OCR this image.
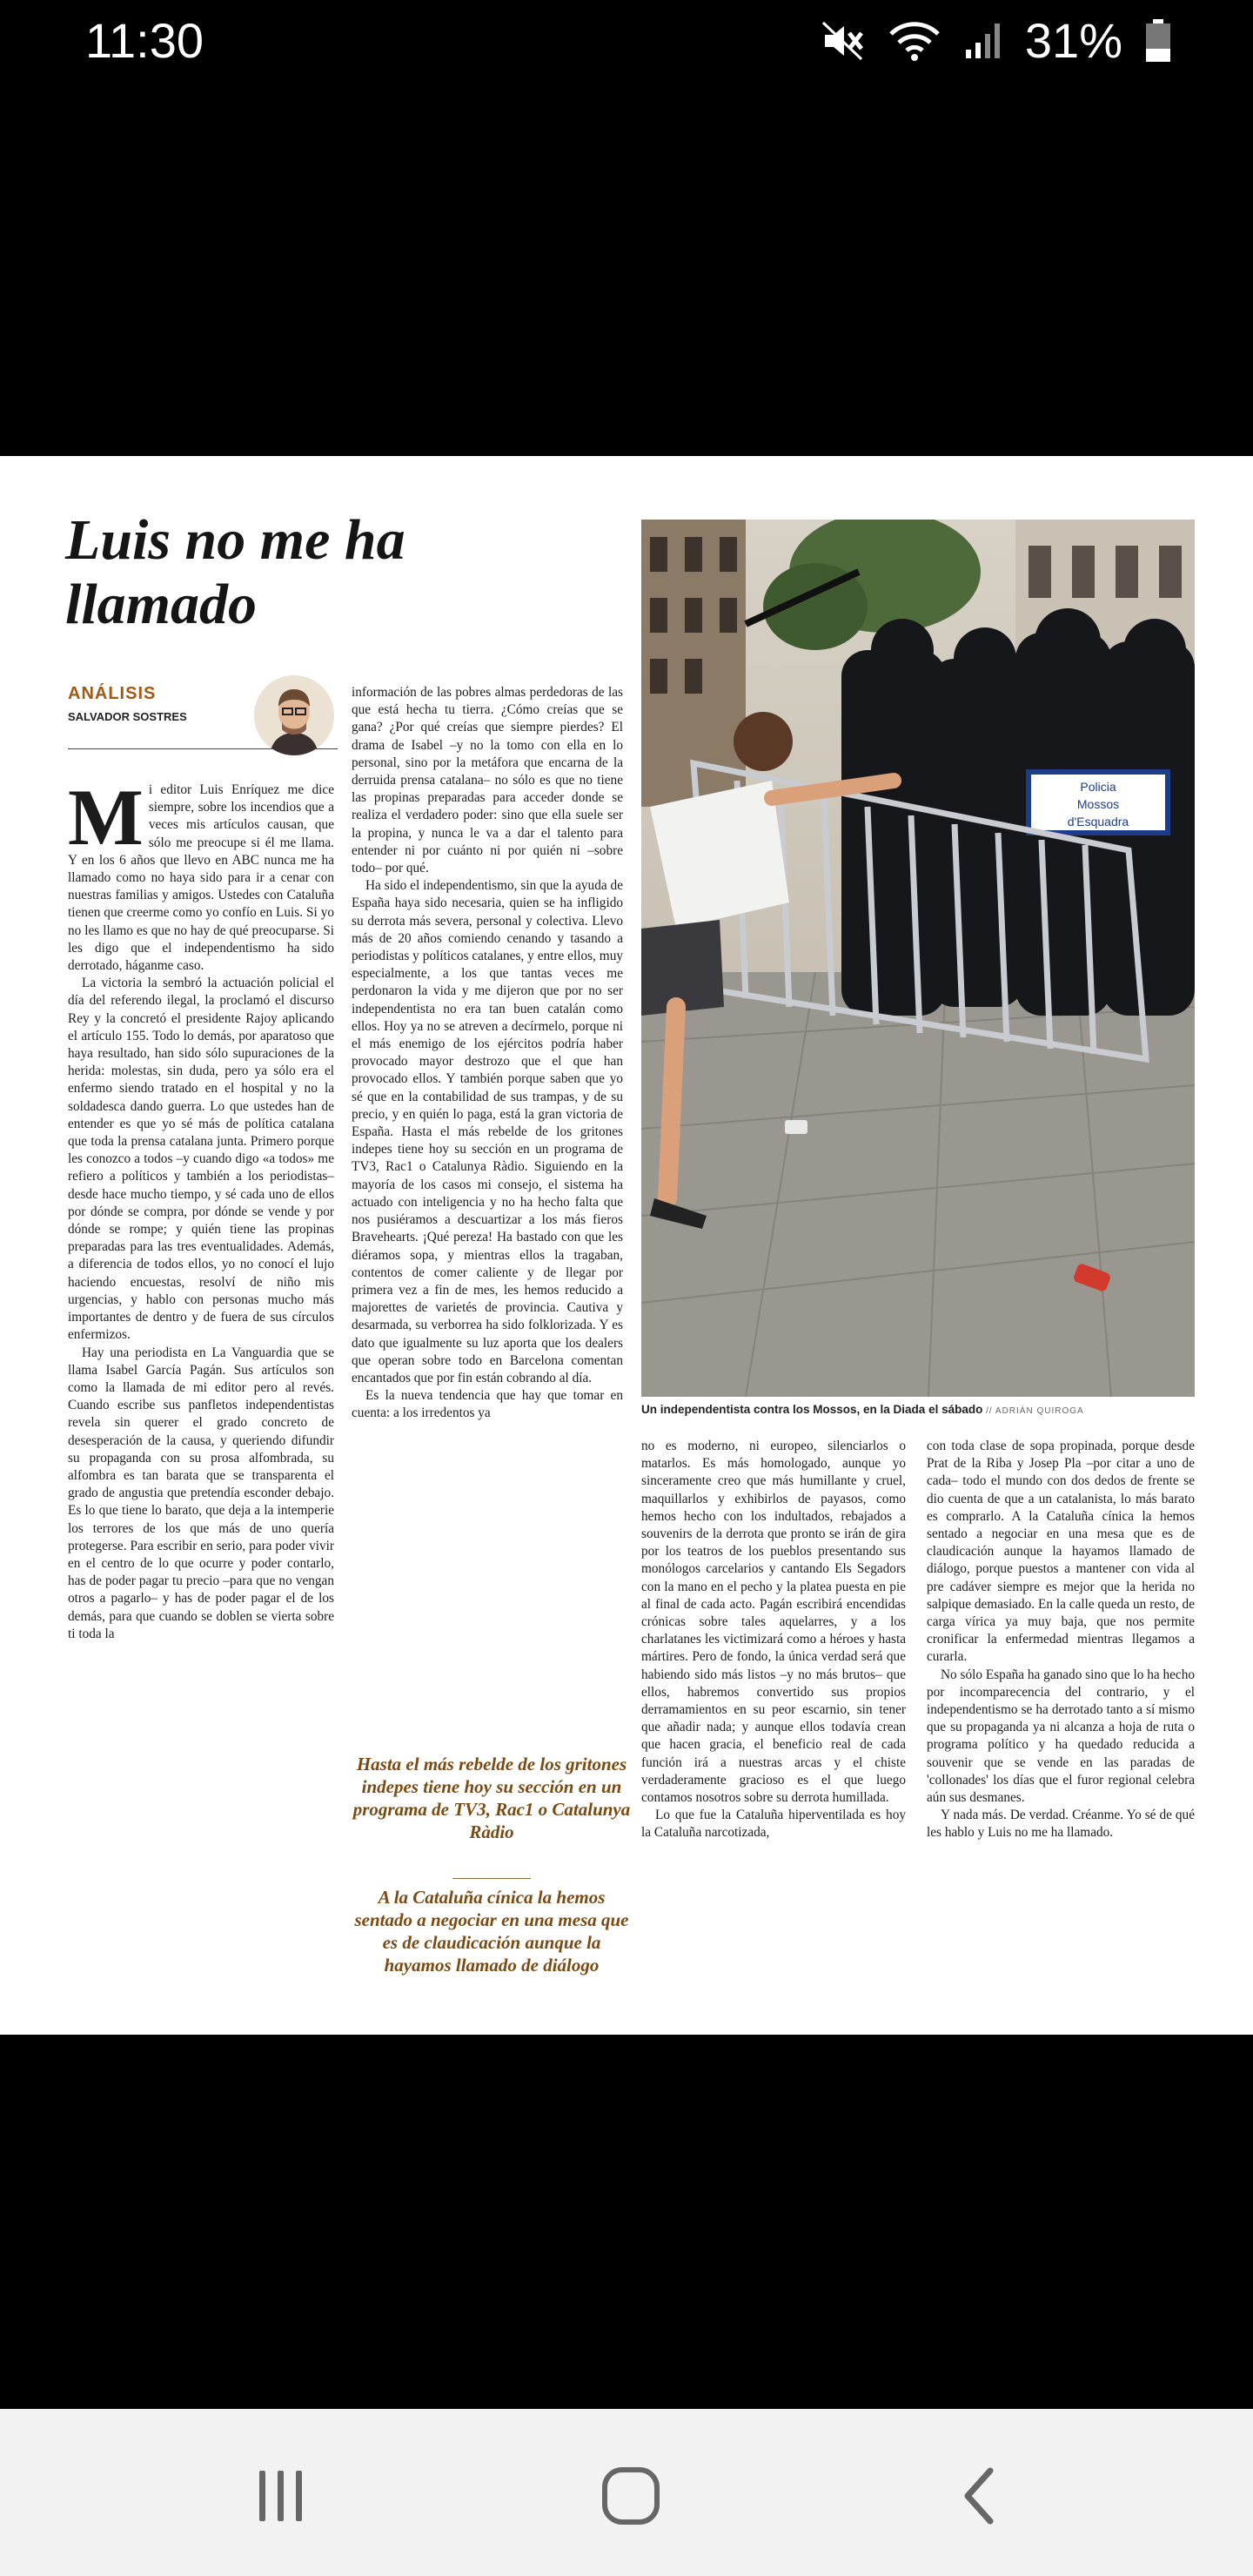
11:30	31%
Luis no me ha llamado
ANÁLISIS
SALVADOR SOSTRES
M i editor Luis Enríquez me dice siempre, sobre los incendios que a veces mis artículos causan, que sólo me preocupe si él me llama. Y en los 6 años que llevo en ABC nunca me ha llamado como no haya sido para ir a cenar con nuestras familias y amigos. Ustedes con Cataluña tienen que creerme como yo confío en Luis. Si yo no les llamo es que no hay de qué preocuparse. Si les digo que el independentismo ha sido derrotado, háganme caso.

La victoria la sembró la actuación policial el día del referendo ilegal, la proclamó el discurso Rey y la concretó el presidente Rajoy aplicando el artículo 155. Todo lo demás, por aparatoso que haya resultado, han sido sólo supuraciones de la herida: molestas, sin duda, pero ya sólo era el enfermo siendo tratado en el hospital y no la soldadesca dando guerra. Lo que ustedes han de entender es que yo sé más de política catalana que toda la prensa catalana junta. Primero porque les conozco a todos –y cuando digo «a todos» me refiero a políticos y también a los periodistas– desde hace mucho tiempo, y sé cada uno de ellos por dónde se compra, por dónde se vende y por dónde se rompe; y quién tiene las propinas preparadas para las tres eventualidades. Además, a diferencia de todos ellos, yo no conocí el lujo haciendo encuestas, resolví de niño mis urgencias, y hablo con personas mucho más importantes de dentro y de fuera de sus círculos enfermizos.

Hay una periodista en La Vanguardia que se llama Isabel García Pagán. Sus artículos son como la llamada de mi editor pero al revés. Cuando escribe sus panfletos independentistas revela sin querer el grado concreto de desesperación de la causa, y queriendo difundir su propaganda con su prosa alfombrada, su alfombra es tan barata que se transparenta el grado de angustia que pretendía esconder debajo. Es lo que tiene lo barato, que deja a la intemperie los terrores de los que más de uno quería protegerse. Para escribir en serio, para poder vivir en el centro de lo que ocurre y poder contarlo, has de poder pagar tu precio –para que no vengan otros a pagarlo– y has de poder pagar el de los demás, para que cuando se doblen se vierta sobre ti toda la

información de las pobres almas perdedoras de las que está hecha tu tierra. ¿Cómo creías que se gana? ¿Por qué creías que siempre pierdes? El drama de Isabel –y no la tomo con ella en lo personal, sino por la metáfora que encarna de la derruida prensa catalana– no sólo es que no tiene las propinas preparadas para acceder donde se realiza el verdadero poder: sino que ella suele ser la propina, y nunca le va a dar el talento para entender ni por cuánto ni por quién ni –sobre todo– por qué.

Ha sido el independentismo, sin que la ayuda de España haya sido necesaria, quien se ha infligido su derrota más severa, personal y colectiva. Llevo más de 20 años comiendo cenando y tasando a periodistas y políticos catalanes, y entre ellos, muy especialmente, a los que tantas veces me perdonaron la vida y me dijeron que por no ser independentista no era tan buen catalán como ellos. Hoy ya no se atreven a decírmelo, porque ni el más enemigo de los ejércitos podría haber provocado mayor destrozo que el que han provocado ellos. Y también porque saben que yo sé que en la contabilidad de sus trampas, y de su precio, y en quién lo paga, está la gran victoria de España. Hasta el más rebelde de los gritones indepes tiene hoy su sección en un programa de TV3, Rac1 o Catalunya Ràdio. Siguiendo en la mayoría de los casos mi consejo, el sistema ha actuado con inteligencia y no ha hecho falta que nos pusiéramos a descuartizar a los más fieros Bravehearts. ¡Qué pereza! Ha bastado con que les diéramos sopa, y mientras ellos la tragaban, contentos de comer caliente y de llegar por primera vez a fin de mes, les hemos reducido a majorettes de varietés de provincia. Cautiva y desarmada, su verborrea ha sido folklorizada. Y es dato que igualmente su luz aporta que los dealers que operan sobre todo en Barcelona comentan encantados que por fin están cobrando al día.

Es la nueva tendencia que hay que tomar en cuenta: a los irredentos ya

Hasta el más rebelde de los gritones indepes tiene hoy su sección en un programa de TV3, Rac1 o Catalunya Ràdio
A la Cataluña cínica la hemos sentado a negociar en una mesa que es de claudicación aunque la hayamos llamado de diálogo
Policia
Mossos
d'Esquadra
Un independentista contra los Mossos, en la Diada el sábado // ADRIÁN QUIROGA

no es moderno, ni europeo, silenciarlos o matarlos. Es más homologado, aunque yo sinceramente creo que más humillante y cruel, maquillarlos y exhibirlos de payasos, como hemos hecho con los indultados, rebajados a souvenirs de la derrota que pronto se irán de gira por los teatros de los pueblos presentando sus monólogos carcelarios y cantando Els Segadors con la mano en el pecho y la platea puesta en pie al final de cada acto. Pagán escribirá encendidas crónicas sobre tales aquelarres, y a los charlatanes les victimizará como a héroes y hasta mártires. Pero de fondo, la única verdad será que habiendo sido más listos –y no más brutos– que ellos, habremos convertido sus propios derramamientos en su peor escarnio, sin tener que añadir nada; y aunque ellos todavía crean que hacen gracia, el beneficio real de cada función irá a nuestras arcas y el chiste verdaderamente gracioso es el que luego contamos nosotros sobre su derrota humillada.

Lo que fue la Cataluña hiperventilada es hoy la Cataluña narcotizada,

con toda clase de sopa propinada, porque desde Prat de la Riba y Josep Pla –por citar a uno de cada– todo el mundo con dos dedos de frente se dio cuenta de que a un catalanista, lo más barato es comprarlo. A la Cataluña cínica la hemos sentado a negociar en una mesa que es de claudicación aunque la hayamos llamado de diálogo, porque puestos a mantener con vida al pre cadáver siempre es mejor que la herida no salpique demasiado. En la calle queda un resto, de carga vírica ya muy baja, que nos permite cronificar la enfermedad mientras llegamos a curarla.

No sólo España ha ganado sino que lo ha hecho por incomparecencia del contrario, y el independentismo se ha derrotado tanto a sí mismo que su propaganda ya ni alcanza a hoja de ruta o programa político y ha quedado reducida a souvenir que se vende en las paradas de 'collonades' los días que el furor regional celebra aún sus desmanes.

Y nada más. De verdad. Créanme. Yo sé de qué les hablo y Luis no me ha llamado.
